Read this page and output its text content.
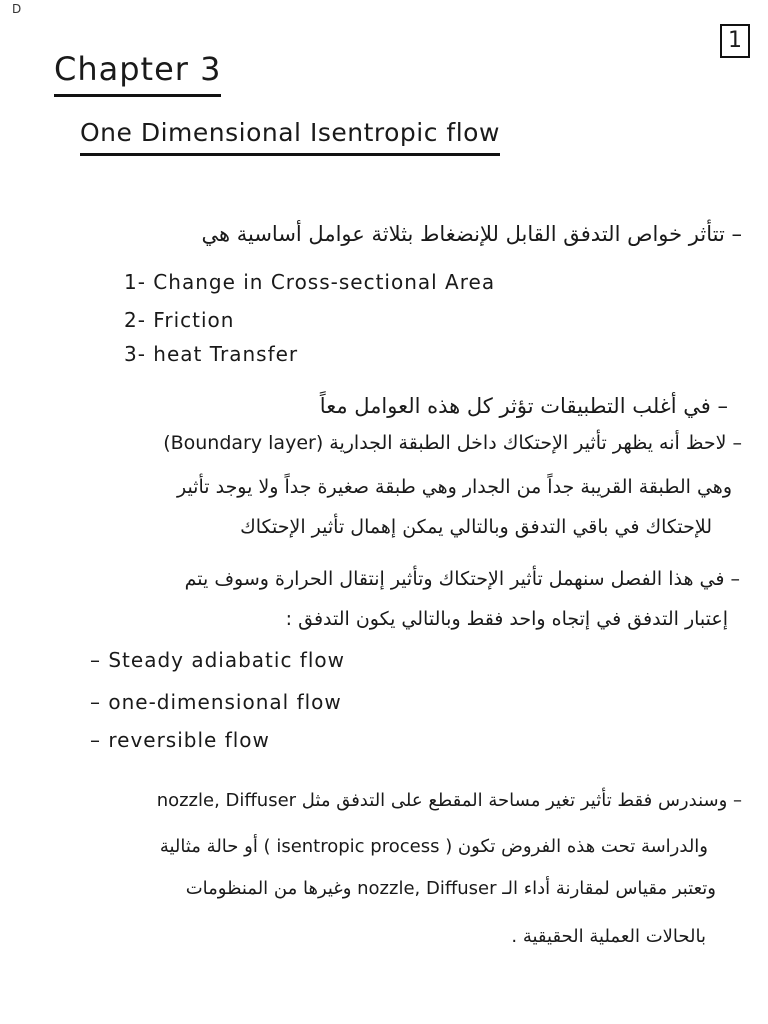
D
1
Chapter 3
One Dimensional Isentropic flow
– تتأثر خواص التدفق القابل للإنضغاط بثلاثة عوامل أساسية هي
1- Change in Cross-sectional Area
2- Friction
3- heat Transfer
– في أغلب التطبيقات تؤثر كل هذه العوامل معاً
– لاحظ أنه يظهر تأثير الإحتكاك داخل الطبقة الجدارية (Boundary layer)
وهي الطبقة القريبة جداً من الجدار وهي طبقة صغيرة جداً ولا يوجد تأثير
للإحتكاك في باقي التدفق وبالتالي يمكن إهمال تأثير الإحتكاك
– في هذا الفصل سنهمل تأثير الإحتكاك وتأثير إنتقال الحرارة وسوف يتم
إعتبار التدفق في إتجاه واحد فقط وبالتالي يكون التدفق :
– Steady adiabatic flow
– one-dimensional flow
– reversible flow
– وسندرس فقط تأثير تغير مساحة المقطع على التدفق مثل nozzle, Diffuser
والدراسة تحت هذه الفروض تكون ( isentropic process ) أو حالة مثالية
وتعتبر مقياس لمقارنة أداء الـ nozzle, Diffuser وغيرها من المنظومات
بالحالات العملية الحقيقية .
